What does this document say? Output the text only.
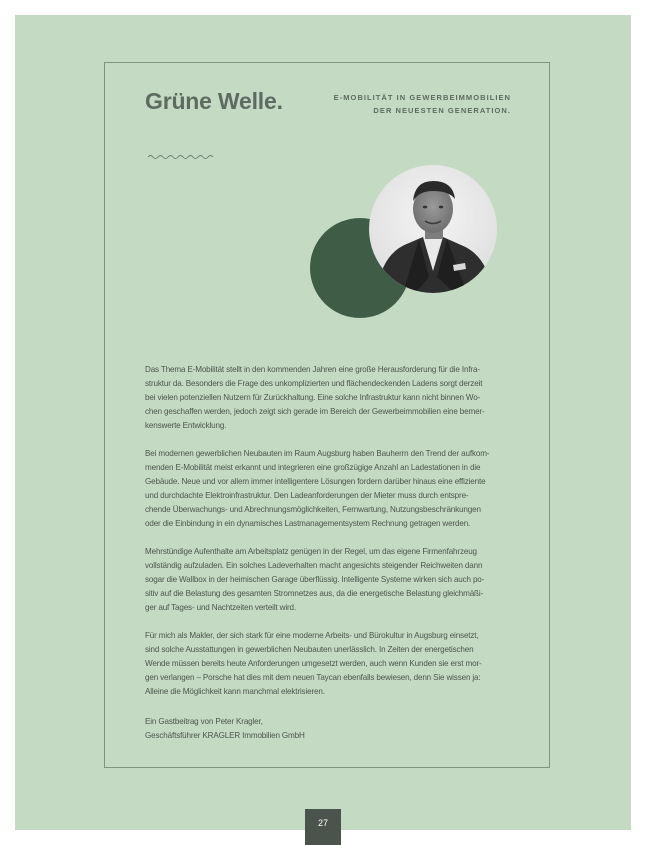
Grüne Welle.	E-MOBILITÄT IN GEWERBEIMMOBILIEN
DER NEUESTEN GENERATION.

Das Thema E-Mobilität stellt in den kommenden Jahren eine große Herausforderung für die Infra-
struktur da. Besonders die Frage des unkomplizierten und flächendeckenden Ladens sorgt derzeit
bei vielen potenziellen Nutzern für Zurückhaltung. Eine solche Infrastruktur kann nicht binnen Wo-
chen geschaffen werden, jedoch zeigt sich gerade im Bereich der Gewerbeimmobilien eine bemer-
kenswerte Entwicklung.

Bei modernen gewerblichen Neubauten im Raum Augsburg haben Bauherrn den Trend der aufkom-
menden E-Mobilität meist erkannt und integrieren eine großzügige Anzahl an Ladestationen in die
Gebäude. Neue und vor allem immer intelligentere Lösungen fordern darüber hinaus eine effiziente
und durchdachte Elektroinfrastruktur. Den Ladeanforderungen der Mieter muss durch entspre-
chende Überwachungs- und Abrechnungsmöglichkeiten, Fernwartung, Nutzungsbeschränkungen
oder die Einbindung in ein dynamisches Lastmanagementsystem Rechnung getragen werden.

Mehrstündige Aufenthalte am Arbeitsplatz genügen in der Regel, um das eigene Firmenfahrzeug
vollständig aufzuladen. Ein solches Ladeverhalten macht angesichts steigender Reichweiten dann
sogar die Wallbox in der heimischen Garage überflüssig. Intelligente Systeme wirken sich auch po-
sitiv auf die Belastung des gesamten Stromnetzes aus, da die energetische Belastung gleichmäßi-
ger auf Tages- und Nachtzeiten verteilt wird.

Für mich als Makler, der sich stark für eine moderne Arbeits- und Bürokultur in Augsburg einsetzt,
sind solche Ausstattungen in gewerblichen Neubauten unerlässlich. In Zeiten der energetischen
Wende müssen bereits heute Anforderungen umgesetzt werden, auch wenn Kunden sie erst mor-
gen verlangen – Porsche hat dies mit dem neuen Taycan ebenfalls bewiesen, denn Sie wissen ja:
Alleine die Möglichkeit kann manchmal elektrisieren.

Ein Gastbeitrag von Peter Kragler,
Geschäftsführer KRAGLER Immobilien GmbH
27
